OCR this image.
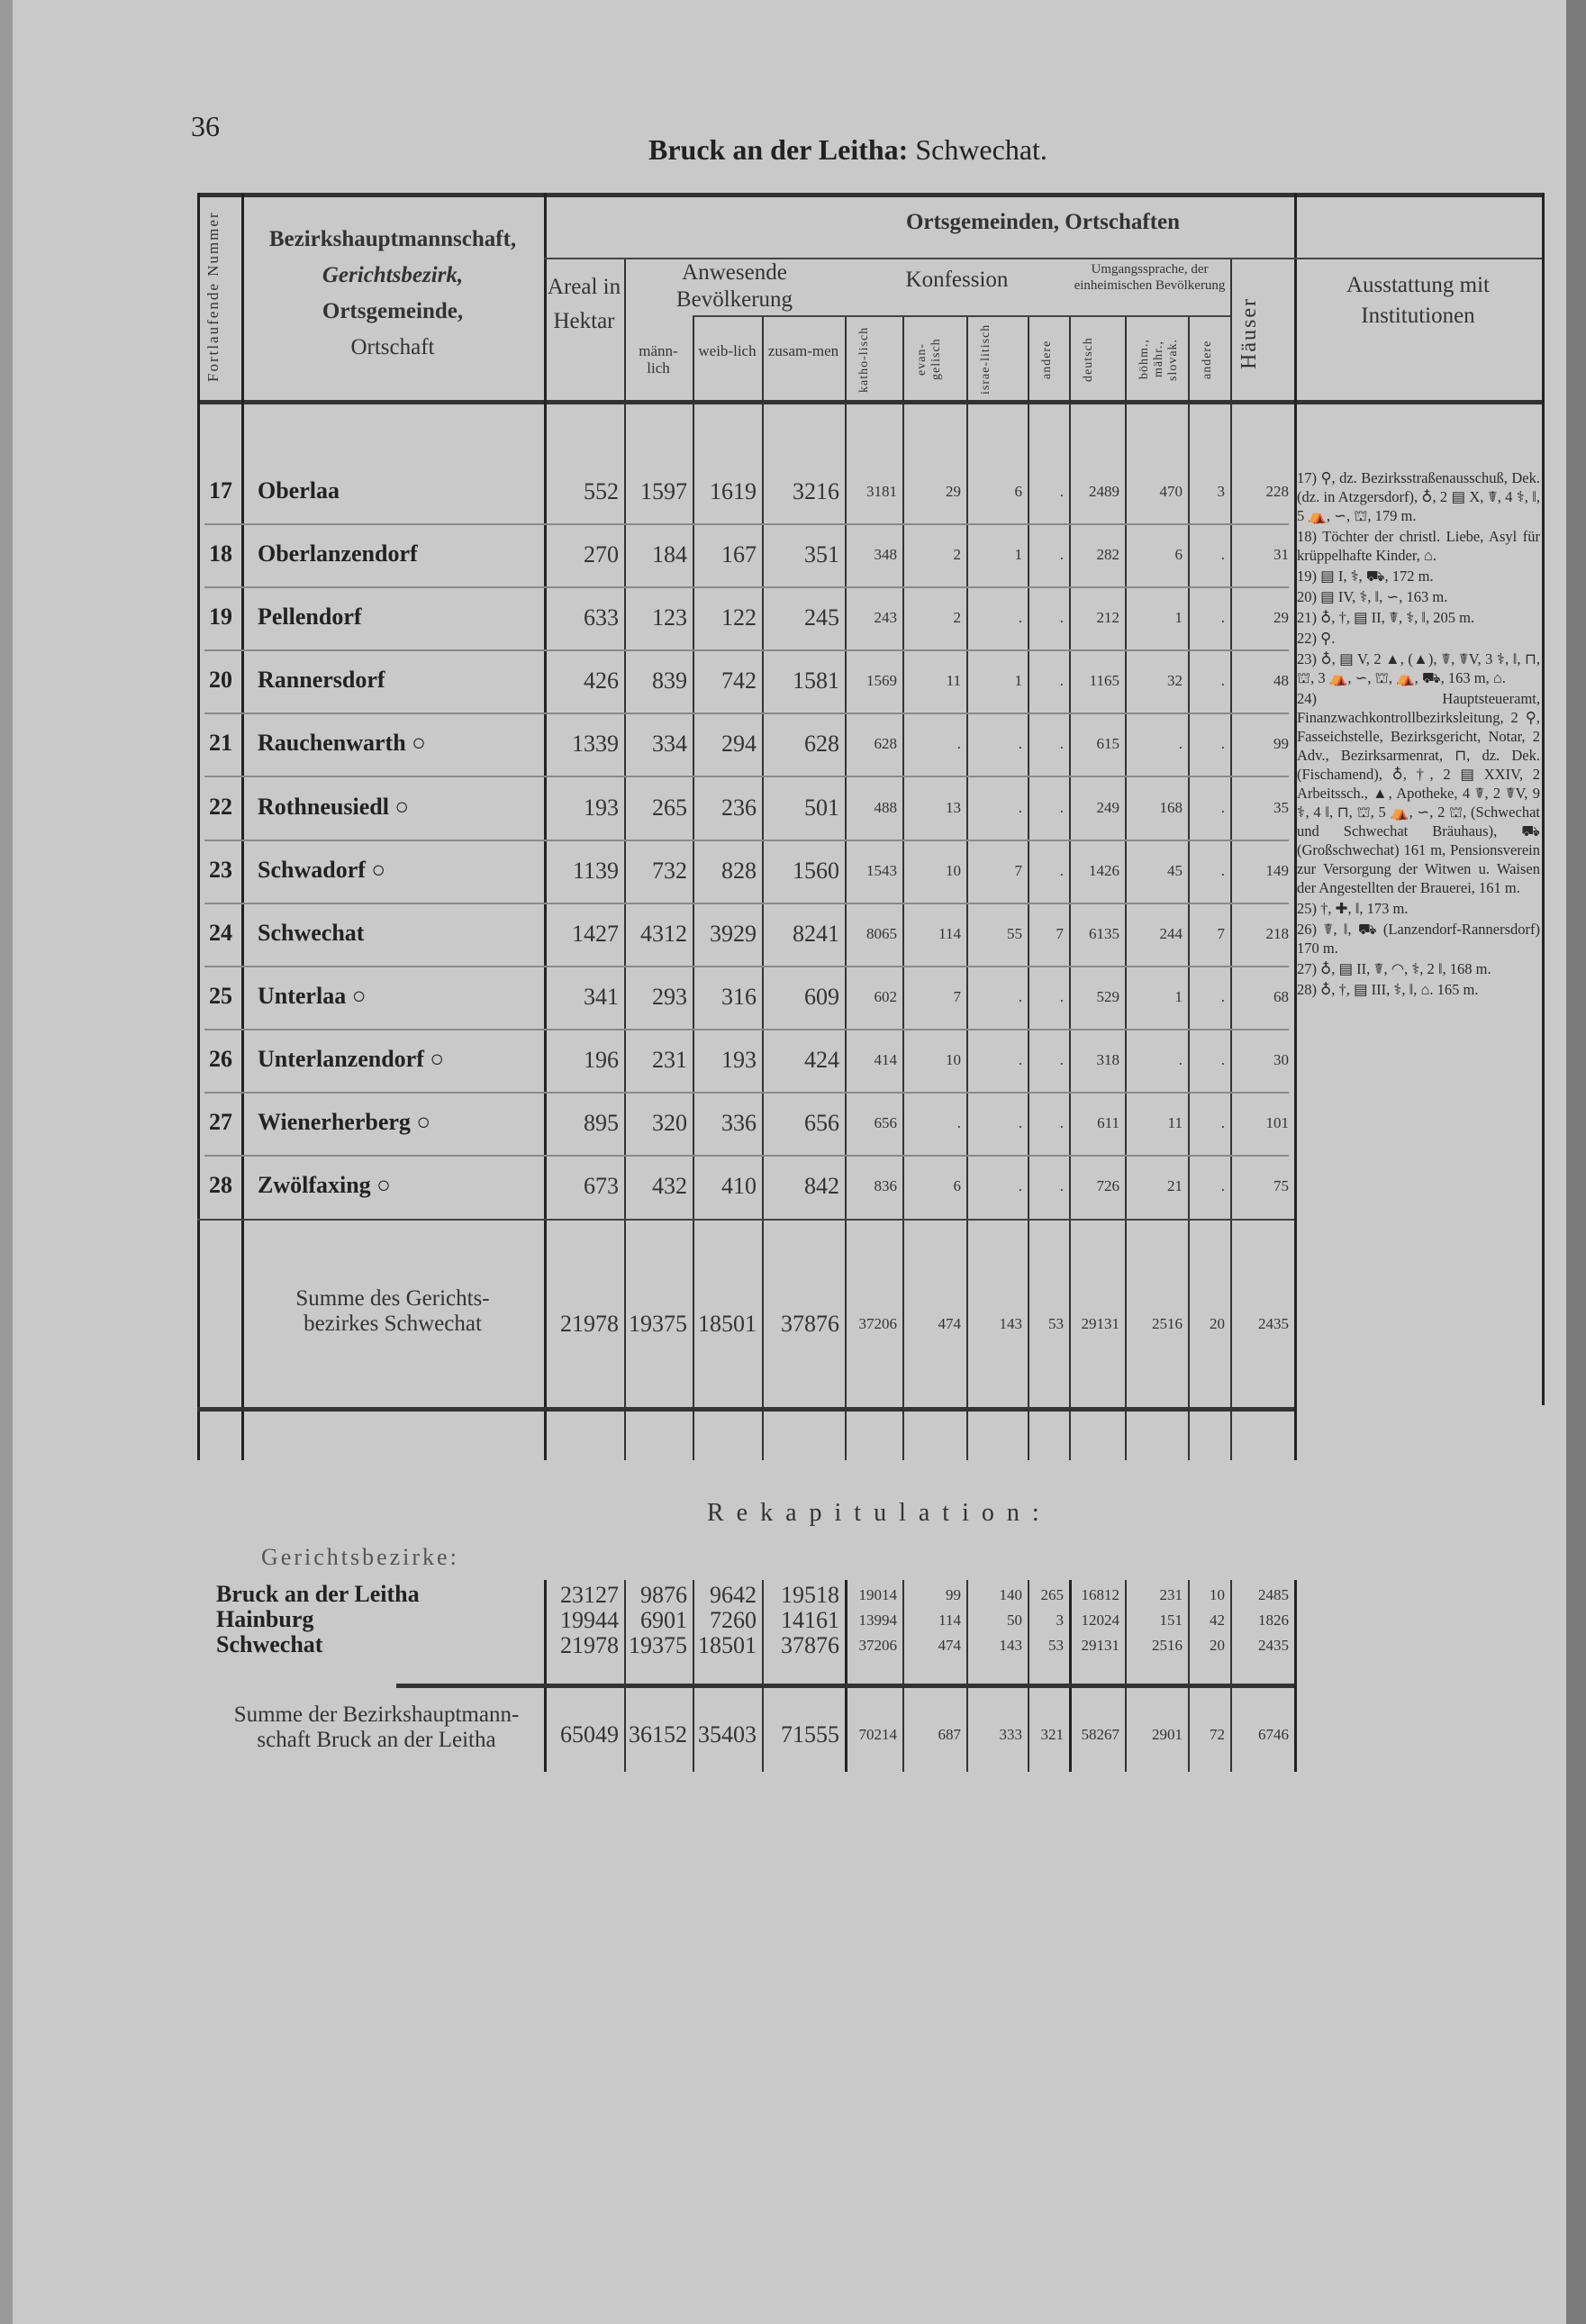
36
Bruck an der Leitha: Schwechat.
Fortlaufende Nummer	Bezirkshauptmannschaft,
Gerichtsbezirk,
Ortsgemeinde,
Ortschaft
Ortsgemeinden, Ortschaften
Areal in Hektar
Anwesende Bevölkerung
Konfession	Umgangssprache, der einheimischen Bevölkerung
Häuser
Ausstattung mit Institutionen
männ-lich
weib-lich zusam-men	katho-lisch	evan-gelisch	israe-litisch	andere	deutsch	böhm., mähr., slovak. andere
17 Oberlaa	552 1597 1619	3216	3181	29	6	.	2489	470	3	228
18 Oberlanzendorf	270	184	167	351	348	2	1	.	282	6	.	31
19 Pellendorf	633	123	122	245	243	2	.	.	212	1	.	29
20 Rannersdorf	426	839	742	1581	1569	11	1	.	1165	32	.	48
21 Rauchenwarth ○	1339	334	294	628	628	.	.	.	615	.	.	99
22 Rothneusiedl ○	193	265	236	501	488	13	.	.	249	168	.	35
23 Schwadorf ○	1139	732	828	1560	1543	10	7	.	1426	45	.	149
24 Schwechat	1427 4312 3929	8241	8065	114	55	7	6135	244	7	218
25 Unterlaa ○	341	293	316	609	602	7	.	.	529	1	.	68
26 Unterlanzendorf ○	196	231	193	424	414	10	.	.	318	.	.	30
27 Wienerherberg ○	895	320	336	656	656	.	.	.	611	11	.	101
28 Zwölfaxing ○	673	432	410	842	836	6	.	.	726	21	.	75
Summe des Gerichts-
bezirkes Schwechat	21978 19375 18501	37876	37206	474	143	53	29131	2516	20	2435
Rekapitulation:
Gerichtsbezirke:
Bruck an der Leitha	23127 9876 9642	19518	19014	99	140	265	16812	231	10	2485
Hainburg	19944 6901 7260	14161	13994	114	50	3	12024	151	42	1826
Schwechat	21978 19375 18501	37876	37206	474	143	53	29131	2516	20	2435
Summe der Bezirkshauptmann-
schaft Bruck an der Leitha	65049 36152 35403	71555	70214	687	333	321	58267	2901	72	6746

17) ⚲, dz. Bezirksstraßenausschuß, Dek. (dz. in Atzgersdorf), ♁, 2 ▤ X, ☤, 4 ⚕, ‖, 5 ⛺, ∽, ⛫, 179 m.

18) Töchter der christl. Liebe, Asyl für krüppelhafte Kinder, ⌂.

19) ▤ I, ⚕, ⛟, 172 m.

20) ▤ IV, ⚕, ‖, ∽, 163 m.

21) ♁, †, ▤ II, ☤, ⚕, ‖, 205 m.

22) ⚲.

23) ♁, ▤ V, 2 ▲, (▲), ☤, ☤V, 3 ⚕, ‖, ⊓, ⛫, 3 ⛺, ∽, ⛫, ⛺, ⛟, 163 m, ⌂.

24) Hauptsteueramt, Finanzwachkontrollbezirksleitung, 2 ⚲, Fasseichstelle, Bezirksgericht, Notar, 2 Adv., Bezirksarmenrat, ⊓, dz. Dek. (Fischamend), ♁, †, 2 ▤ XXIV, 2 Arbeitssch., ▲, Apotheke, 4 ☤, 2 ☤V, 9 ⚕, 4 ‖, ⊓, ⛫, 5 ⛺, ∽, 2 ⛫, (Schwechat und Schwechat Bräuhaus), ⛟ (Großschwechat) 161 m, Pensionsverein zur Versorgung der Witwen u. Waisen der Angestellten der Brauerei, 161 m.

25) †, ✚, ‖, 173 m.

26) ☤, ‖, ⛟ (Lanzendorf-Rannersdorf) 170 m.

27) ♁, ▤ II, ☤, ◠, ⚕, 2 ‖, 168 m.

28) ♁, †, ▤ III, ⚕, ‖, ⌂. 165 m.
